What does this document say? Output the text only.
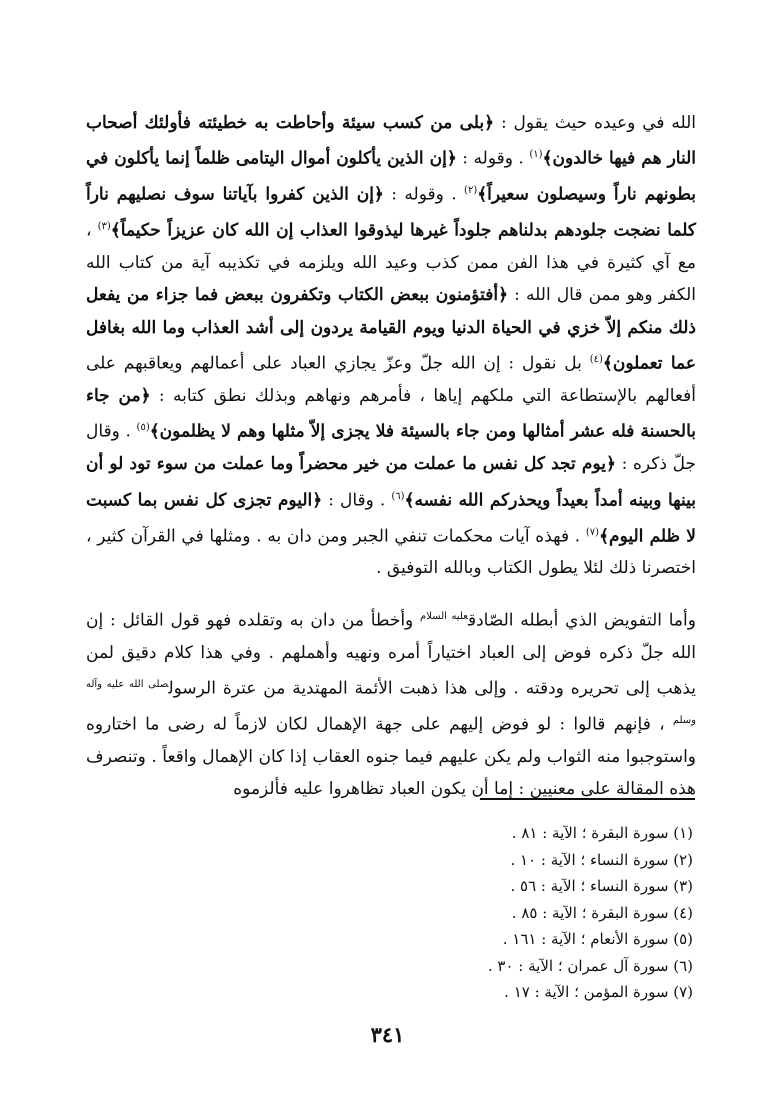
الله في وعيده حيث يقول : ﴿بلى من كسب سيئة وأحاطت به خطيئته فأولئك أصحاب النار هم فيها خالدون﴾$^{(١)}$ . وقوله : ﴿إن الذين يأكلون أموال اليتامى ظلماً إنما يأكلون في بطونهم ناراً وسيصلون سعيراً﴾$^{(٢)}$ . وقوله : ﴿إن الذين كفروا بآياتنا سوف نصليهم ناراً كلما نضجت جلودهم بدلناهم جلوداً غيرها ليذوقوا العذاب إن الله كان عزيزاً حكيماً﴾$^{(٣)}$ ، مع آي كثيرة في هذا الفن ممن كذب وعيد الله ويلزمه في تكذيبه آية من كتاب الله الكفر وهو ممن قال الله : ﴿أفتؤمنون ببعض الكتاب وتكفرون ببعض فما جزاء من يفعل ذلك منكم إلاّ خزي في الحياة الدنيا ويوم القيامة يردون إلى أشد العذاب وما الله بغافل عما تعملون﴾$^{(٤)}$ بل نقول : إن الله جلّ وعزّ يجازي العباد على أعمالهم ويعاقبهم على أفعالهم بالإستطاعة التي ملكهم إياها ، فأمرهم ونهاهم وبذلك نطق كتابه : ﴿من جاء بالحسنة فله عشر أمثالها ومن جاء بالسيئة فلا يجزى إلاّ مثلها وهم لا يظلمون﴾$^{(٥)}$ . وقال جلّ ذكره : ﴿يوم تجد كل نفس ما عملت من خير محضراً وما عملت من سوء تود لو أن بينها وبينه أمداً بعيداً ويحذركم الله نفسه﴾$^{(٦)}$ . وقال : ﴿اليوم تجزى كل نفس بما كسبت لا ظلم اليوم﴾$^{(٧)}$ . فهذه آيات محكمات تنفي الجبر ومن دان به . ومثلها في القرآن كثير ، اختصرنا ذلك لئلا يطول الكتاب وبالله التوفيق .

وأما التفويض الذي أبطله الصّادق$^{عليه السلام}$ وأخطأ من دان به وتقلده فهو قول القائل : إن الله جلّ ذكره فوض إلى العباد اختياراً أمره ونهيه وأهملهم . وفي هذا كلام دقيق لمن يذهب إلى تحريره ودقته . وإلى هذا ذهبت الأئمة المهتدية من عترة الرسول$^{صلى الله عليه وآله وسلم}$ ، فإنهم قالوا : لو فوض إليهم على جهة الإهمال لكان لازماً له رضى ما اختاروه واستوجبوا منه الثواب ولم يكن عليهم فيما جنوه العقاب إذا كان الإهمال واقعاً . وتنصرف هذه المقالة على معنيين : إما أن يكون العباد تظاهروا عليه فألزموه

(١) سورة البقرة ؛ الآية : ٨١ .
(٢) سورة النساء ؛ الآية : ١٠ .
(٣) سورة النساء ؛ الآية : ٥٦ .
(٤) سورة البقرة ؛ الآية : ٨٥ .
(٥) سورة الأنعام ؛ الآية : ١٦١ .
(٦) سورة آل عمران ؛ الآية : ٣٠ .
(٧) سورة المؤمن ؛ الآية : ١٧ .
٣٤١
